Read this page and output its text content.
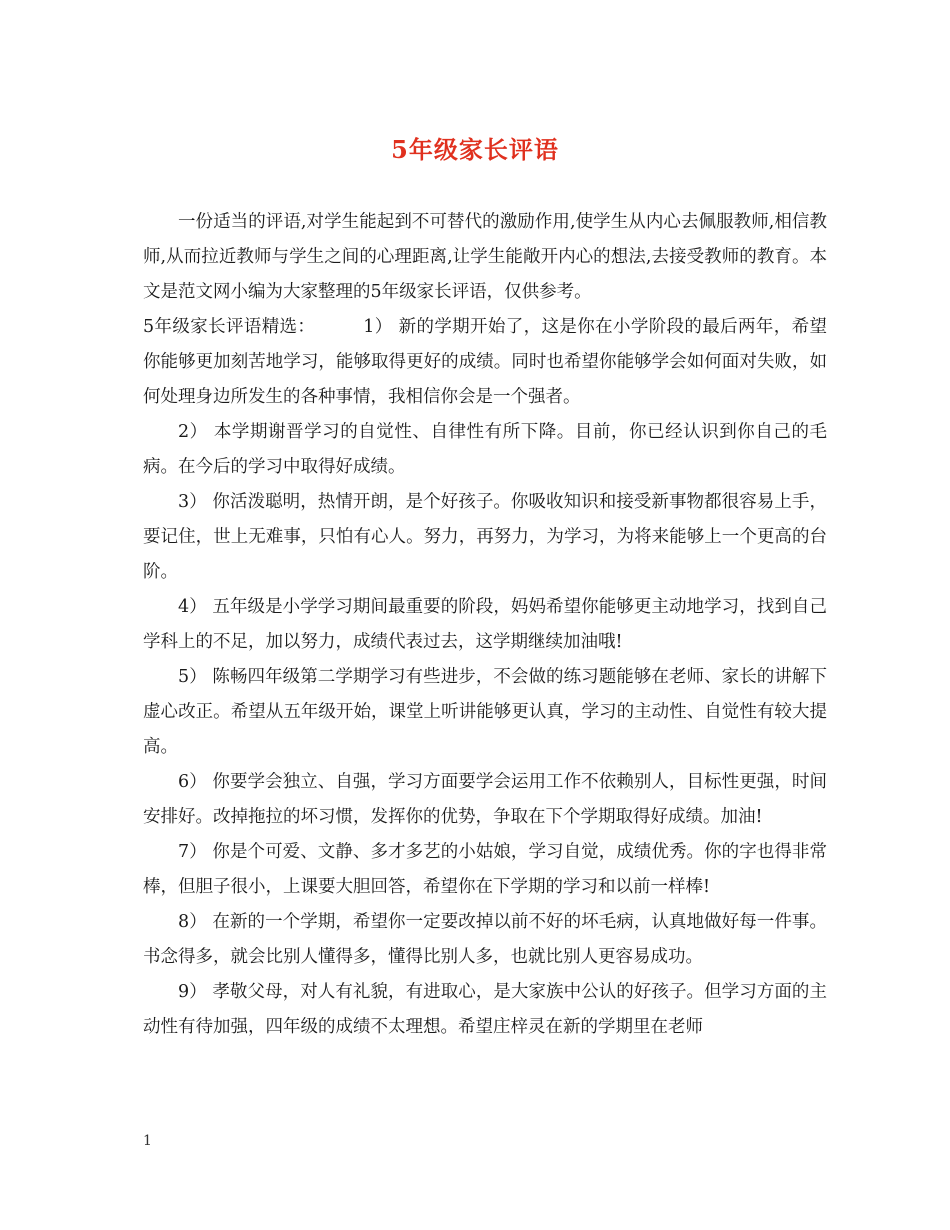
5年级家长评语

一份适当的评语,对学生能起到不可替代的激励作用,使学生从内心去佩服教师,相信教师,从而拉近教师与学生之间的心理距离,让学生能敞开内心的想法,去接受教师的教育。本文是范文网小编为大家整理的5年级家长评语，仅供参考。

5年级家长评语精选：	1） 新的学期开始了，这是你在小学阶段的最后两年，希望你能够更加刻苦地学习，能够取得更好的成绩。同时也希望你能够学会如何面对失败，如何处理身边所发生的各种事情，我相信你会是一个强者。

2） 本学期谢晋学习的自觉性、自律性有所下降。目前，你已经认识到你自己的毛病。在今后的学习中取得好成绩。

3） 你活泼聪明，热情开朗，是个好孩子。你吸收知识和接受新事物都很容易上手，要记住，世上无难事，只怕有心人。努力，再努力，为学习，为将来能够上一个更高的台阶。

4） 五年级是小学学习期间最重要的阶段，妈妈希望你能够更主动地学习，找到自己学科上的不足，加以努力，成绩代表过去，这学期继续加油哦!

5） 陈畅四年级第二学期学习有些进步，不会做的练习题能够在老师、家长的讲解下虚心改正。希望从五年级开始，课堂上听讲能够更认真，学习的主动性、自觉性有较大提高。

6） 你要学会独立、自强，学习方面要学会运用工作不依赖别人，目标性更强，时间安排好。改掉拖拉的坏习惯，发挥你的优势，争取在下个学期取得好成绩。加油!

7） 你是个可爱、文静、多才多艺的小姑娘，学习自觉，成绩优秀。你的字也得非常棒，但胆子很小，上课要大胆回答，希望你在下学期的学习和以前一样棒!

8） 在新的一个学期，希望你一定要改掉以前不好的坏毛病，认真地做好每一件事。书念得多，就会比别人懂得多，懂得比别人多，也就比别人更容易成功。

9） 孝敬父母，对人有礼貌，有进取心，是大家族中公认的好孩子。但学习方面的主动性有待加强，四年级的成绩不太理想。希望庄梓灵在新的学期里在老师

1
